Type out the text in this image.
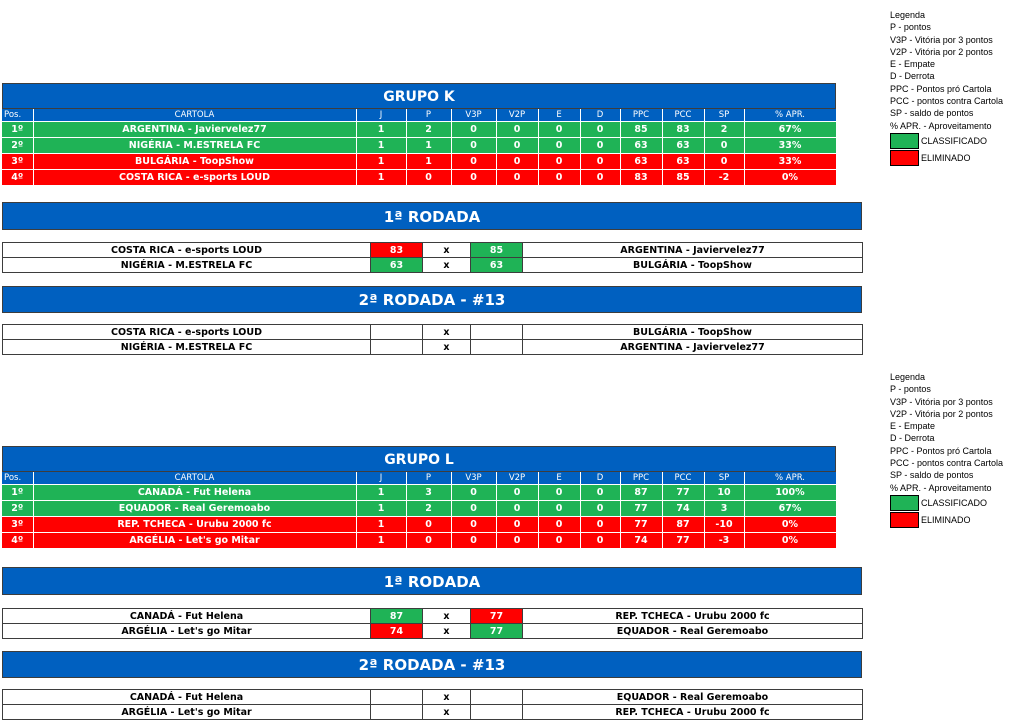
Legenda
P - pontos
V3P - Vitória por 3 pontos
V2P - Vitória por 2 pontos
E - Empate
D - Derrota
PPC - Pontos pró Cartola
PCC - pontos contra Cartola
SP - saldo de pontos
% APR. - Aproveitamento
CLASSIFICADO
ELIMINADO
GRUPO K
Pos.	CARTOLA	J	P	V3P	V2P	E	D	PPC	PCC	SP	% APR.
1º	ARGENTINA - Javiervelez77	1	2	0	0	0	0	85	83	2	67%
2º	NIGÉRIA - M.ESTRELA FC	1	1	0	0	0	0	63	63	0	33%
3º	BULGÁRIA - ToopShow	1	1	0	0	0	0	63	63	0	33%
4º	COSTA RICA - e-sports LOUD	1	0	0	0	0	0	83	85	-2	0%
1ª RODADA
COSTA RICA - e-sports LOUD	83	x	85	ARGENTINA - Javiervelez77
NIGÉRIA - M.ESTRELA FC	63	x	63	BULGÁRIA - ToopShow
2ª RODADA - #13
COSTA RICA - e-sports LOUD		x		BULGÁRIA - ToopShow
NIGÉRIA - M.ESTRELA FC		x		ARGENTINA - Javiervelez77
Legenda
P - pontos
V3P - Vitória por 3 pontos
V2P - Vitória por 2 pontos
E - Empate
D - Derrota
PPC - Pontos pró Cartola
PCC - pontos contra Cartola
SP - saldo de pontos
% APR. - Aproveitamento
CLASSIFICADO
ELIMINADO
GRUPO L
Pos.	CARTOLA	J	P	V3P	V2P	E	D	PPC	PCC	SP	% APR.
1º	CANADÁ - Fut Helena	1	3	0	0	0	0	87	77	10	100%
2º	EQUADOR - Real Geremoabo	1	2	0	0	0	0	77	74	3	67%
3º	REP. TCHECA - Urubu 2000 fc	1	0	0	0	0	0	77	87	-10	0%
4º	ARGÉLIA - Let's go Mitar	1	0	0	0	0	0	74	77	-3	0%
1ª RODADA
CANADÁ - Fut Helena	87	x	77	REP. TCHECA - Urubu 2000 fc
ARGÉLIA - Let's go Mitar	74	x	77	EQUADOR - Real Geremoabo
2ª RODADA - #13
CANADÁ - Fut Helena		x		EQUADOR - Real Geremoabo
ARGÉLIA - Let's go Mitar		x		REP. TCHECA - Urubu 2000 fc
